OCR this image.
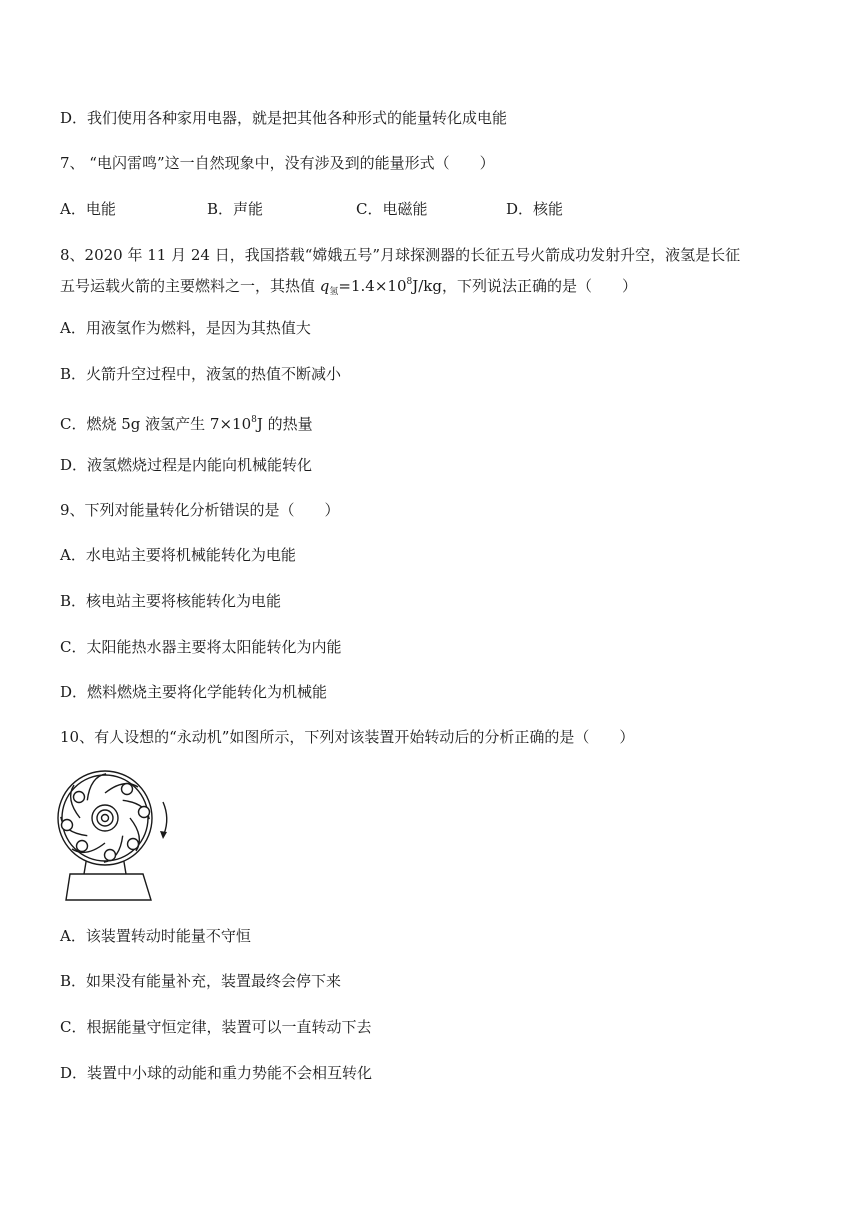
D．我们使用各种家用电器，就是把其他各种形式的能量转化成电能
7、 “电闪雷鸣”这一自然现象中，没有涉及到的能量形式（　　）
A．电能	B．声能	C．电磁能	D．核能
8、2020 年 11 月 24 日，我国搭载“嫦娥五号”月球探测器的长征五号火箭成功发射升空，液氢是长征
五号运载火箭的主要燃料之一，其热值 $q_氢=1.4\times 10^8J/kg$，下列说法正确的是（　　）
A．用液氢作为燃料，是因为其热值大
B．火箭升空过程中，液氢的热值不断减小
C．燃烧 5g 液氢产生 $7\times 10^8J$ 的热量
D．液氢燃烧过程是内能向机械能转化
9、下列对能量转化分析错误的是（　　）
A．水电站主要将机械能转化为电能
B．核电站主要将核能转化为电能
C．太阳能热水器主要将太阳能转化为内能
D．燃料燃烧主要将化学能转化为机械能
10、有人设想的“永动机”如图所示，下列对该装置开始转动后的分析正确的是（　　）
A．该装置转动时能量不守恒
B．如果没有能量补充，装置最终会停下来
C．根据能量守恒定律，装置可以一直转动下去
D．装置中小球的动能和重力势能不会相互转化
